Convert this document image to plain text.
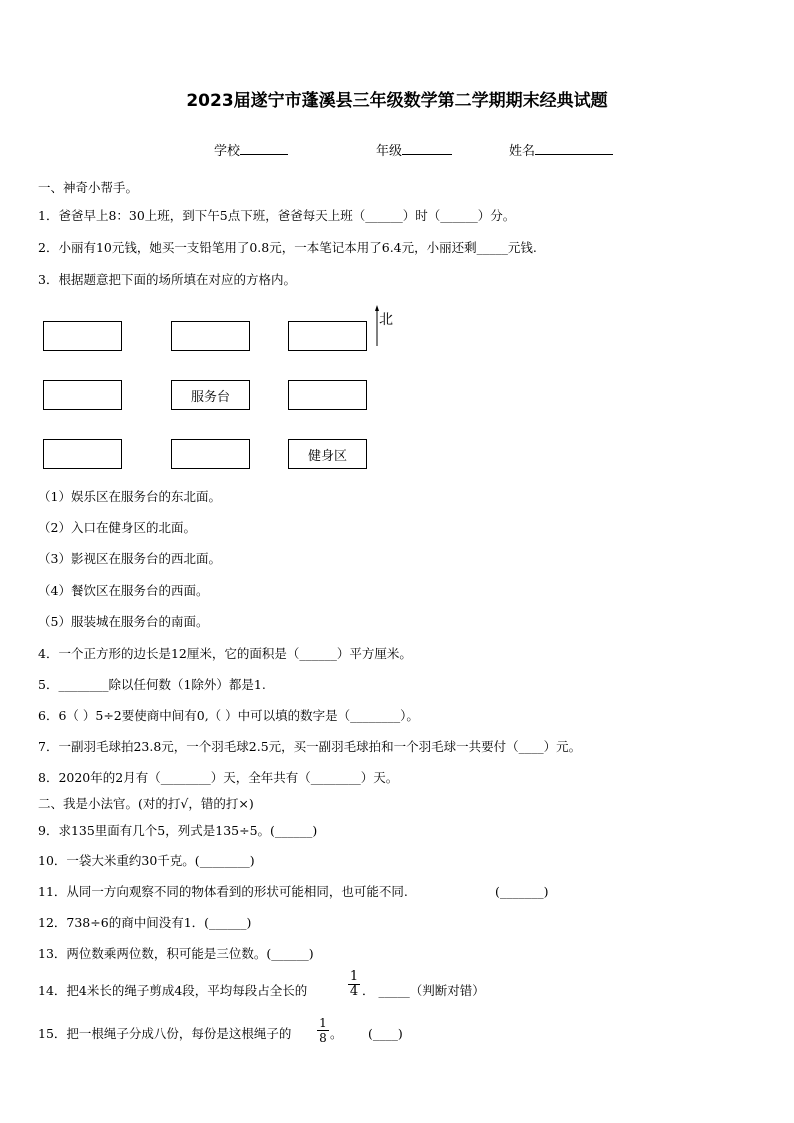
2023届遂宁市蓬溪县三年级数学第二学期期末经典试题
学校	年级	姓名
一、神奇小帮手。
1．爸爸早上8：30上班，到下午5点下班，爸爸每天上班（______）时（______）分。
2．小丽有10元钱，她买一支铅笔用了0.8元，一本笔记本用了6.4元，小丽还剩_____元钱.
3．根据题意把下面的场所填在对应的方格内。
服务台
健身区
北
（1）娱乐区在服务台的东北面。
（2）入口在健身区的北面。
（3）影视区在服务台的西北面。
（4）餐饮区在服务台的西面。
（5）服装城在服务台的南面。
4．一个正方形的边长是12厘米，它的面积是（______）平方厘米。
5．________除以任何数（1除外）都是1.
6．6（ ）5÷2要使商中间有0,（ ）中可以填的数字是（________）。
7．一副羽毛球拍23.8元，一个羽毛球2.5元，买一副羽毛球拍和一个羽毛球一共要付（____）元。
8．2020年的2月有（________）天，全年共有（________）天。
二、我是小法官。(对的打√，错的打×)
9．求135里面有几个5，列式是135÷5。(______)
10．一袋大米重约30千克。(________)
11．从同一方向观察不同的物体看到的形状可能相同，也可能不同.	(_______)
12．738÷6的商中间没有1．(______)
13．两位数乘两位数，积可能是三位数。(______)
14．把4米长的绳子剪成4段，平均每段占全长的	$\frac{1}{4}$ ． _____（判断对错）
15．把一根绳子分成八份，每份是这根绳子的 $\frac{1}{8}$ 。 (____)
